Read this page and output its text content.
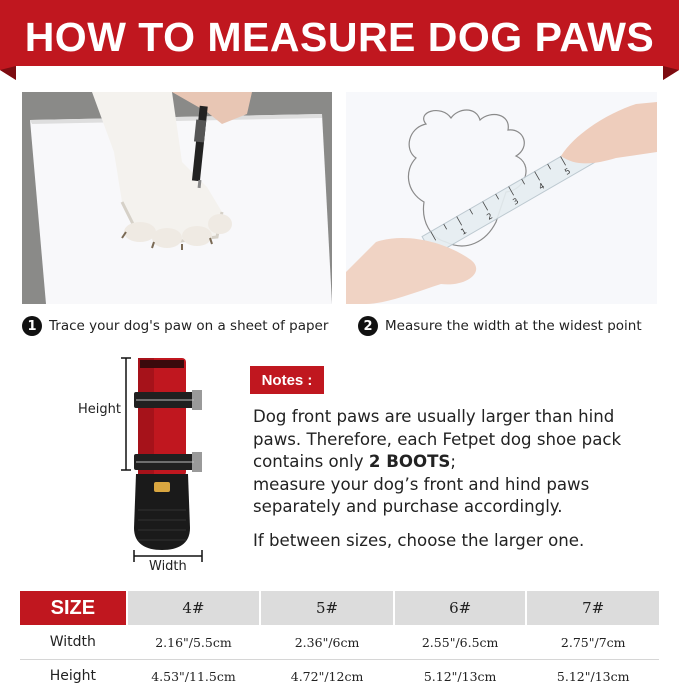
HOW TO MEASURE DOG PAWS
1
2
3
4
5
1 Trace your dog's paw on a sheet of paper	2 Measure the width at the widest point
Height
Width
Notes :

Dog front paws are usually larger than hind

paws. Therefore, each Fetpet dog shoe pack

contains only 2 BOOTS;

measure your dog’s front and hind paws

separately and purchase accordingly.

If between sizes, choose the larger one.
SIZE	4#	5#	6#	7#
Witdth	2.16"/5.5cm	2.36"/6cm	2.55"/6.5cm	2.75"/7cm
Height	4.53"/11.5cm	4.72"/12cm	5.12"/13cm	5.12"/13cm
